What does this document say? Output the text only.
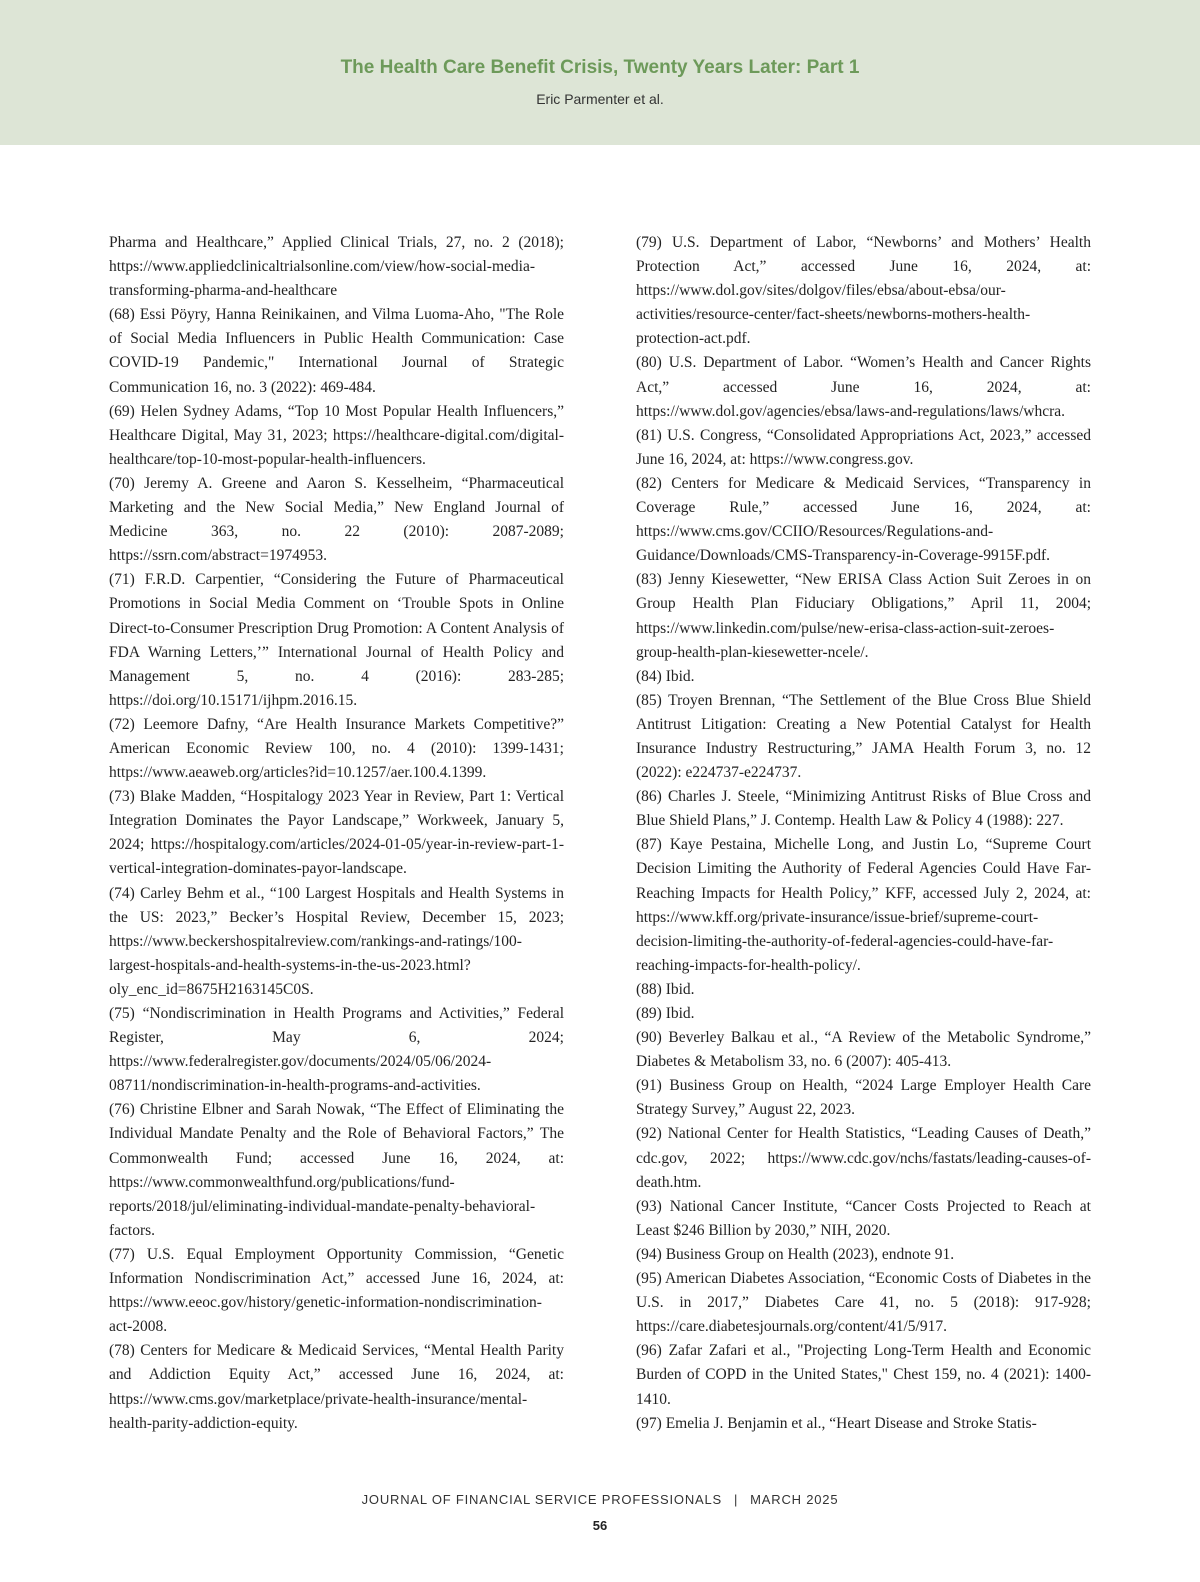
The Health Care Benefit Crisis, Twenty Years Later: Part 1
Eric Parmenter et al.

Pharma and Healthcare,” Applied Clinical Trials, 27, no. 2 (2018); https://www.appliedclinicaltrialsonline.com/view/how-social-media-transforming-pharma-and-healthcare

(68) Essi Pöyry, Hanna Reinikainen, and Vilma Luoma-Aho, "The Role of Social Media Influencers in Public Health Communication: Case COVID-19 Pandemic," International Journal of Strategic Communication 16, no. 3 (2022): 469-484.

(69) Helen Sydney Adams, “Top 10 Most Popular Health Influencers,” Healthcare Digital, May 31, 2023; https://healthcare-digital.com/digital-healthcare/top-10-most-popular-health-influencers.

(70) Jeremy A. Greene and Aaron S. Kesselheim, “Pharmaceutical Marketing and the New Social Media,” New England Journal of Medicine 363, no. 22 (2010): 2087-2089; https://ssrn.com/abstract=1974953.

(71) F.R.D. Carpentier, “Considering the Future of Pharmaceutical Promotions in Social Media Comment on ‘Trouble Spots in Online Direct-to-Consumer Prescription Drug Promotion: A Content Analysis of FDA Warning Letters,’” International Journal of Health Policy and Management 5, no. 4 (2016): 283-285; https://doi.org/10.15171/ijhpm.2016.15.

(72) Leemore Dafny, “Are Health Insurance Markets Competitive?” American Economic Review 100, no. 4 (2010): 1399-1431; https://www.aeaweb.org/articles?id=10.1257/aer.100.4.1399.

(73) Blake Madden, “Hospitalogy 2023 Year in Review, Part 1: Vertical Integration Dominates the Payor Landscape,” Workweek, January 5, 2024; https://hospitalogy.com/articles/2024-01-05/year-in-review-part-1-vertical-integration-dominates-payor-landscape.

(74) Carley Behm et al., “100 Largest Hospitals and Health Systems in the US: 2023,” Becker’s Hospital Review, December 15, 2023; https://www.beckershospitalreview.com/rankings-and-ratings/100-largest-hospitals-and-health-systems-in-the-us-2023.html?oly_enc_id=8675H2163145C0S.

(75) “Nondiscrimination in Health Programs and Activities,” Federal Register, May 6, 2024; https://www.federalregister.gov/documents/2024/05/06/2024-08711/nondiscrimination-in-health-programs-and-activities.

(76) Christine Elbner and Sarah Nowak, “The Effect of Eliminating the Individual Mandate Penalty and the Role of Behavioral Factors,” The Commonwealth Fund; accessed June 16, 2024, at: https://www.commonwealthfund.org/publications/fund-reports/2018/jul/eliminating-individual-mandate-penalty-behavioral-factors.

(77) U.S. Equal Employment Opportunity Commission, “Genetic Information Nondiscrimination Act,” accessed June 16, 2024, at: https://www.eeoc.gov/history/genetic-information-nondiscrimination-act-2008.

(78) Centers for Medicare & Medicaid Services, “Mental Health Parity and Addiction Equity Act,” accessed June 16, 2024, at: https://www.cms.gov/marketplace/private-health-insurance/mental-health-parity-addiction-equity.

(79) U.S. Department of Labor, “Newborns’ and Mothers’ Health Protection Act,” accessed June 16, 2024, at: https://www.dol.gov/sites/dolgov/files/ebsa/about-ebsa/our-activities/resource-center/fact-sheets/newborns-mothers-health-protection-act.pdf.

(80) U.S. Department of Labor. “Women’s Health and Cancer Rights Act,” accessed June 16, 2024, at: https://www.dol.gov/agencies/ebsa/laws-and-regulations/laws/whcra.

(81) U.S. Congress, “Consolidated Appropriations Act, 2023,” accessed June 16, 2024, at: https://www.congress.gov.

(82) Centers for Medicare & Medicaid Services, “Transparency in Coverage Rule,” accessed June 16, 2024, at: https://www.cms.gov/CCIIO/Resources/Regulations-and-Guidance/Downloads/CMS-Transparency-in-Coverage-9915F.pdf.

(83) Jenny Kiesewetter, “New ERISA Class Action Suit Zeroes in on Group Health Plan Fiduciary Obligations,” April 11, 2004; https://www.linkedin.com/pulse/new-erisa-class-action-suit-zeroes-group-health-plan-kiesewetter-ncele/.

(84) Ibid.

(85) Troyen Brennan, “The Settlement of the Blue Cross Blue Shield Antitrust Litigation: Creating a New Potential Catalyst for Health Insurance Industry Restructuring,” JAMA Health Forum 3, no. 12 (2022): e224737-e224737.

(86) Charles J. Steele, “Minimizing Antitrust Risks of Blue Cross and Blue Shield Plans,” J. Contemp. Health Law & Policy 4 (1988): 227.

(87) Kaye Pestaina, Michelle Long, and Justin Lo, “Supreme Court Decision Limiting the Authority of Federal Agencies Could Have Far-Reaching Impacts for Health Policy,” KFF, accessed July 2, 2024, at: https://www.kff.org/private-insurance/issue-brief/supreme-court-decision-limiting-the-authority-of-federal-agencies-could-have-far-reaching-impacts-for-health-policy/.

(88) Ibid.

(89) Ibid.

(90) Beverley Balkau et al., “A Review of the Metabolic Syndrome,” Diabetes & Metabolism 33, no. 6 (2007): 405-413.

(91) Business Group on Health, “2024 Large Employer Health Care Strategy Survey,” August 22, 2023.

(92) National Center for Health Statistics, “Leading Causes of Death,” cdc.gov, 2022; https://www.cdc.gov/nchs/fastats/leading-causes-of-death.htm.

(93) National Cancer Institute, “Cancer Costs Projected to Reach at Least $246 Billion by 2030,” NIH, 2020.

(94) Business Group on Health (2023), endnote 91.

(95) American Diabetes Association, “Economic Costs of Diabetes in the U.S. in 2017,” Diabetes Care 41, no. 5 (2018): 917-928; https://care.diabetesjournals.org/content/41/5/917.

(96) Zafar Zafari et al., "Projecting Long-Term Health and Economic Burden of COPD in the United States," Chest 159, no. 4 (2021): 1400-1410.

(97) Emelia J. Benjamin et al., “Heart Disease and Stroke Statis-

JOURNAL OF FINANCIAL SERVICE PROFESSIONALS | MARCH 2025
56
